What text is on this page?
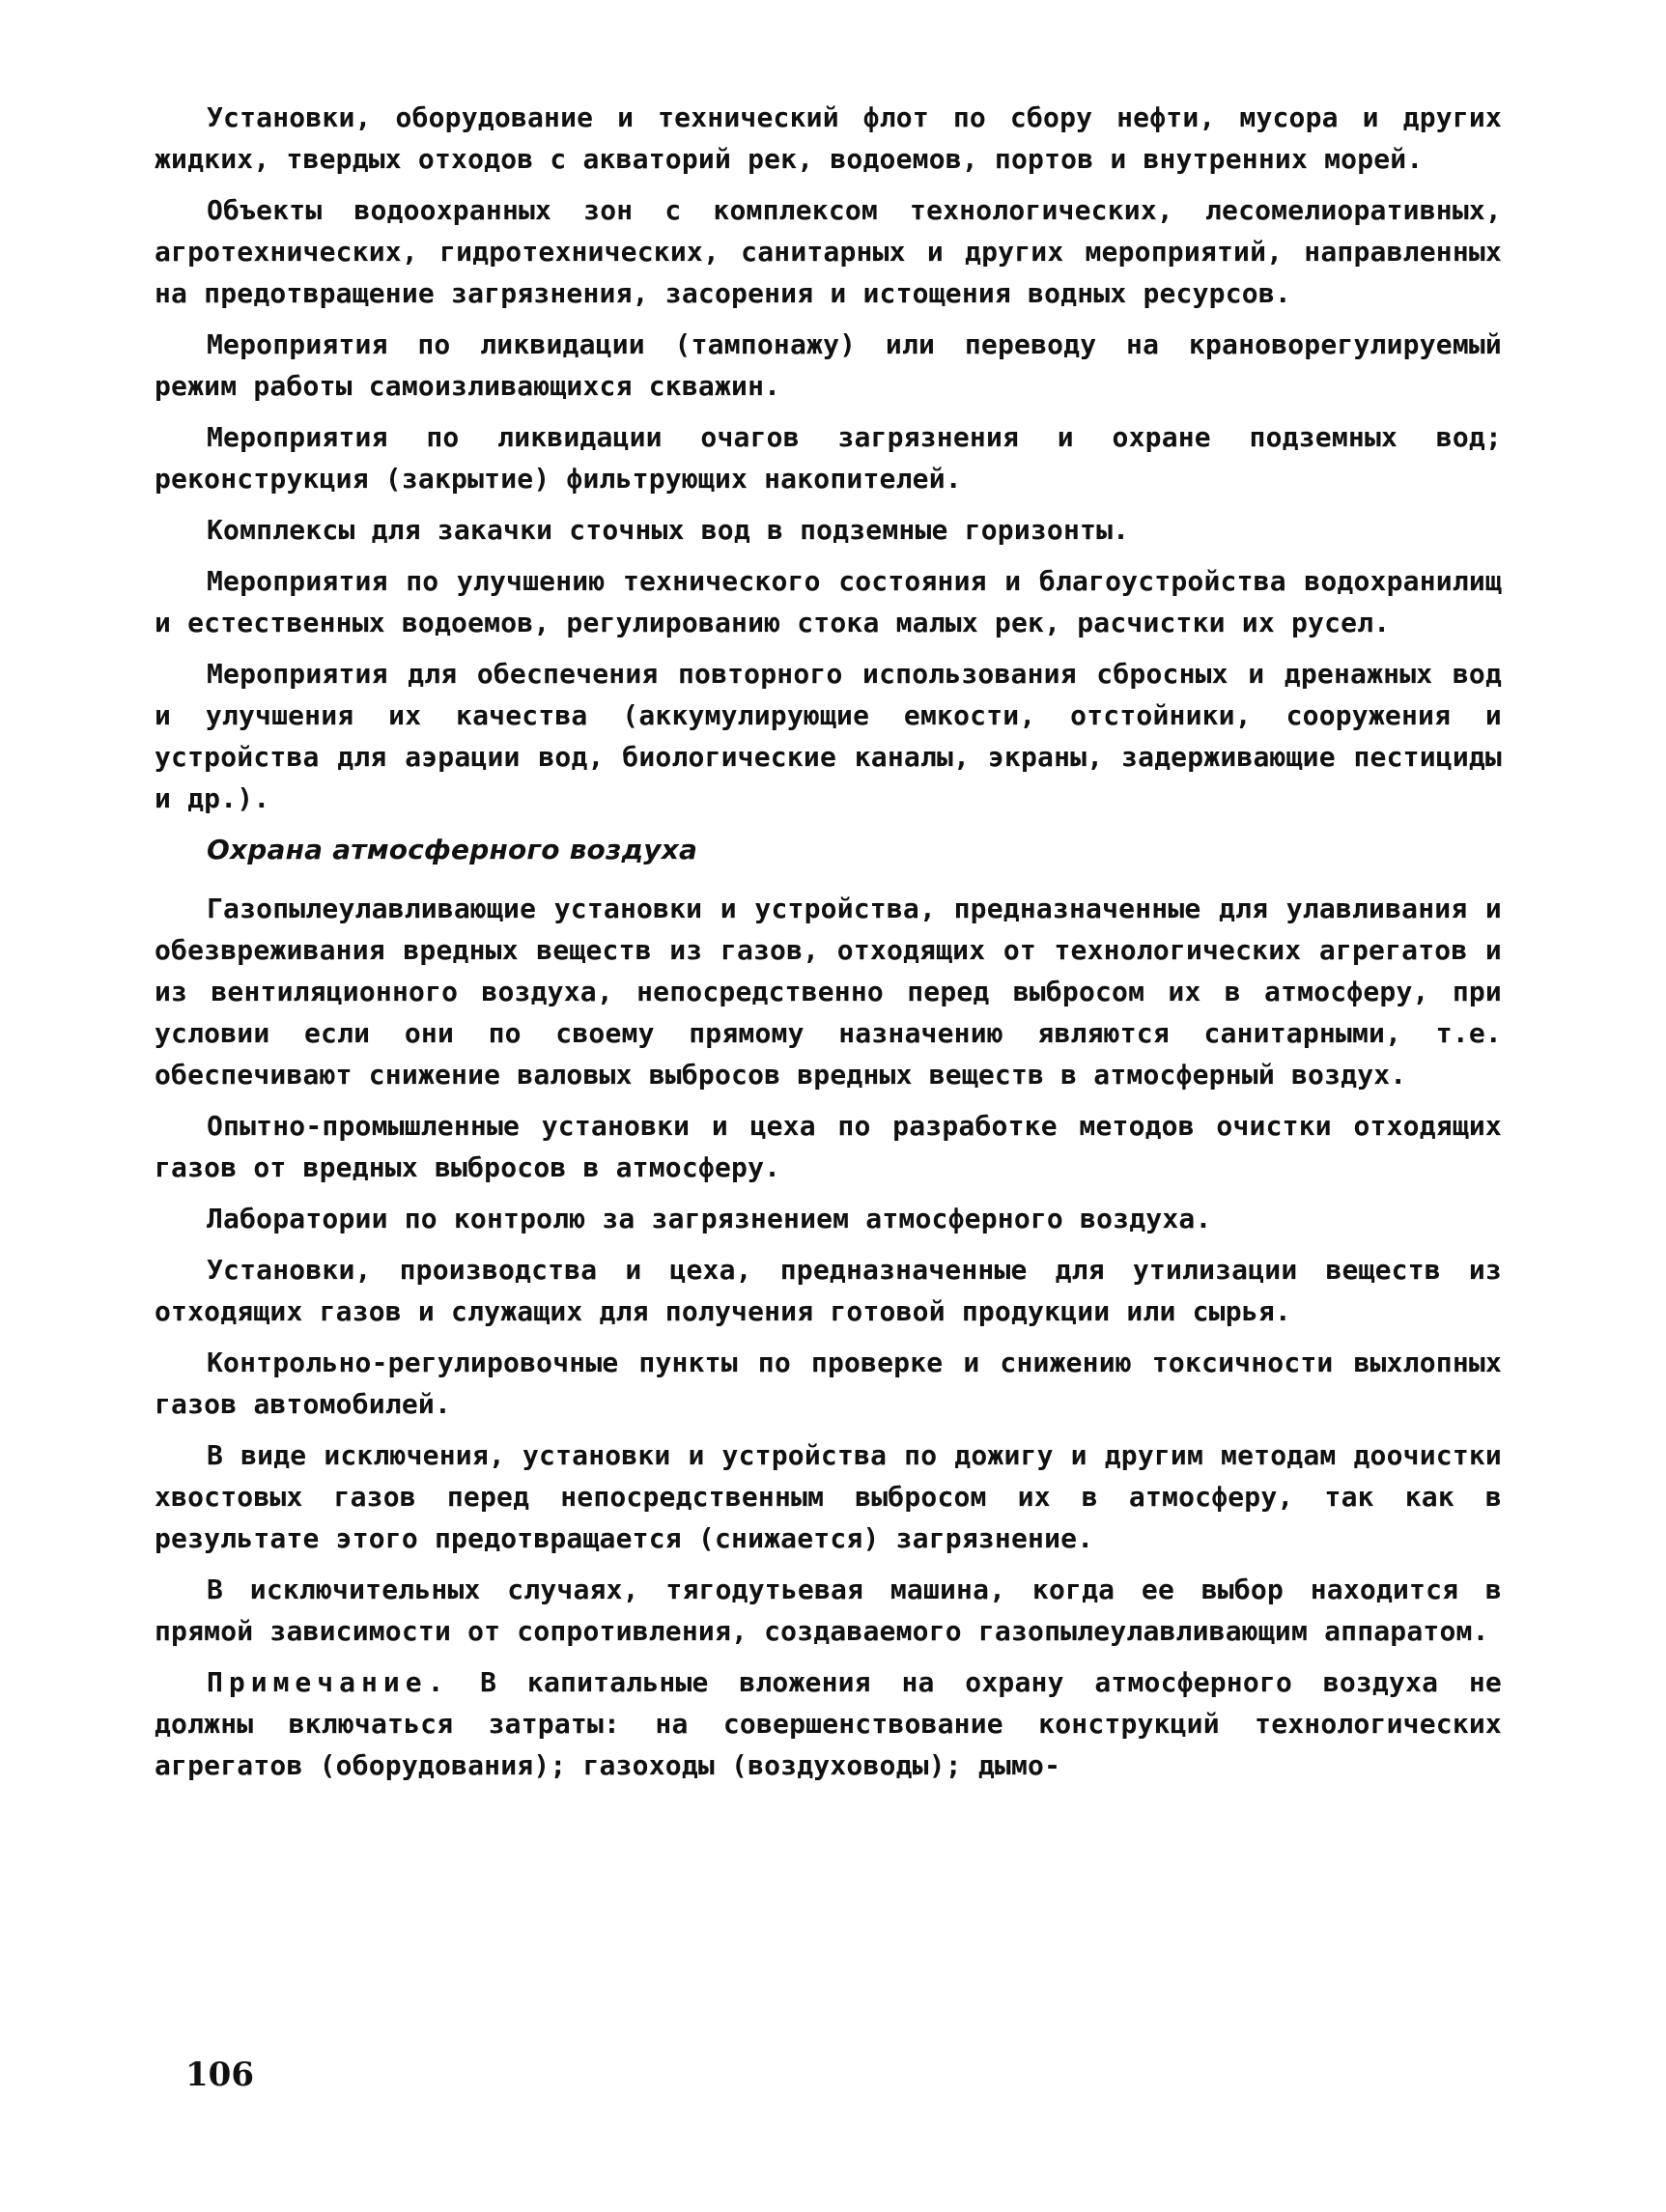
Установки, оборудование и технический флот по сбору нефти, мусора и других жидких, твердых отходов с акваторий рек, водоемов, портов и внутренних морей.

Объекты водоохранных зон с комплексом технологических, лесомелиоративных, агротехнических, гидротехнических, санитарных и других мероприятий, направленных на предотвращение загрязнения, засорения и истощения водных ресурсов.

Мероприятия по ликвидации (тампонажу) или переводу на крановорегулируемый режим работы самоизливающихся скважин.

Мероприятия по ликвидации очагов загрязнения и охране подземных вод; реконструкция (закрытие) фильтрующих накопителей.

Комплексы для закачки сточных вод в подземные горизонты.

Мероприятия по улучшению технического состояния и благоустройства водохранилищ и естественных водоемов, регулированию стока малых рек, расчистки их русел.

Мероприятия для обеспечения повторного использования сбросных и дренажных вод и улучшения их качества (аккумулирующие емкости, отстойники, сооружения и устройства для аэрации вод, биологические каналы, экраны, задерживающие пестициды и др.).

Охрана атмосферного воздуха

Газопылеулавливающие установки и устройства, предназначенные для улавливания и обезвреживания вредных веществ из газов, отходящих от технологических агрегатов и из вентиляционного воздуха, непосредственно перед выбросом их в атмосферу, при условии если они по своему прямому назначению являются санитарными, т.е. обеспечивают снижение валовых выбросов вредных веществ в атмосферный воздух.

Опытно-промышленные установки и цеха по разработке методов очистки отходящих газов от вредных выбросов в атмосферу.

Лаборатории по контролю за загрязнением атмосферного воздуха.

Установки, производства и цеха, предназначенные для утилизации веществ из отходящих газов и служащих для получения готовой продукции или сырья.

Контрольно-регулировочные пункты по проверке и снижению токсичности выхлопных газов автомобилей.

В виде исключения, установки и устройства по дожигу и другим методам доочистки хвостовых газов перед непосредственным выбросом их в атмосферу, так как в результате этого предотвращается (снижается) загрязнение.

В исключительных случаях, тягодутьевая машина, когда ее выбор находится в прямой зависимости от сопротивления, создаваемого газопылеулавливающим аппаратом.

Примечание. В капитальные вложения на охрану атмосферного воздуха не должны включаться затраты: на совершенствование конструкций технологических агрегатов (оборудования); газоходы (воздуховоды); дымо-

106
